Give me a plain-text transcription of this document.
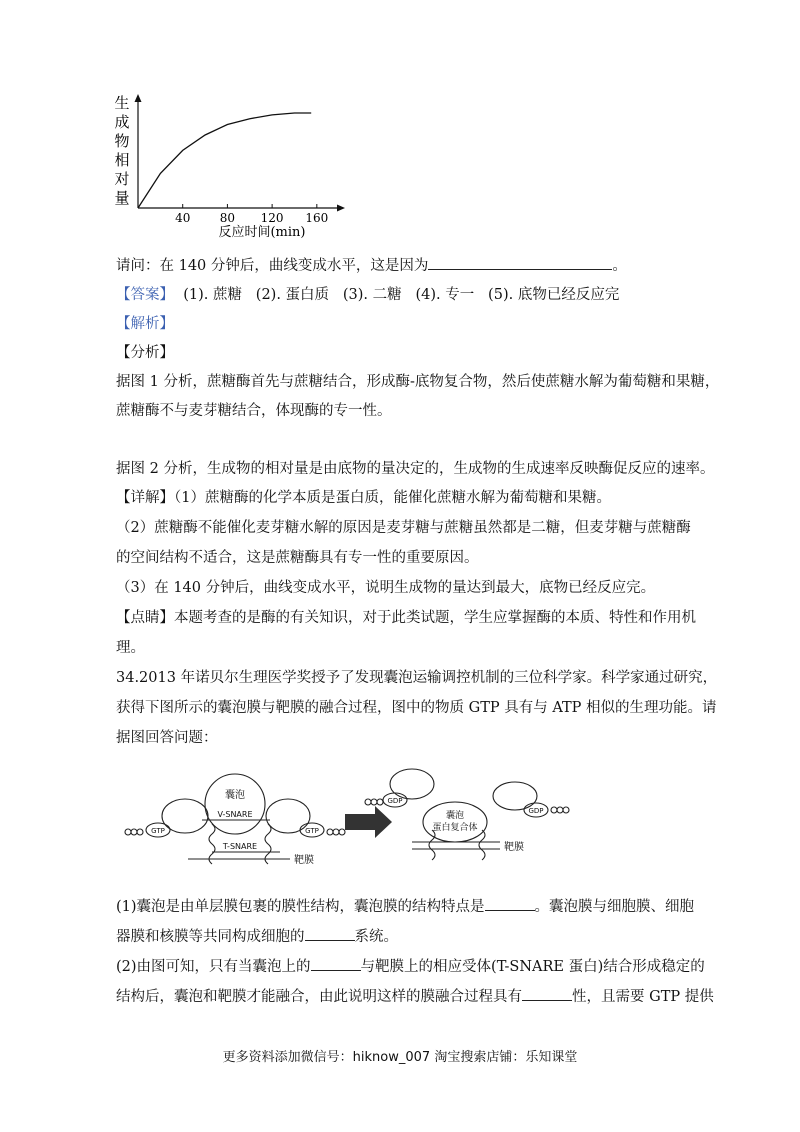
生
成
物
相
对
量
40 80 120 160
反应时间(min)
请问：在 140 分钟后，曲线变成水平，这是因为	。
【答案】  (1). 蔗糖   (2). 蛋白质   (3). 二糖   (4). 专一   (5). 底物已经反应完
【解析】
【分析】
据图 1 分析，蔗糖酶首先与蔗糖结合，形成酶-底物复合物，然后使蔗糖水解为葡萄糖和果糖，
蔗糖酶不与麦芽糖结合，体现酶的专一性。
据图 2 分析，生成物的相对量是由底物的量决定的，生成物的生成速率反映酶促反应的速率。
【详解】（1）蔗糖酶的化学本质是蛋白质，能催化蔗糖水解为葡萄糖和果糖。
（2）蔗糖酶不能催化麦芽糖水解的原因是麦芽糖与蔗糖虽然都是二糖，但麦芽糖与蔗糖酶
的空间结构不适合，这是蔗糖酶具有专一性的重要原因。
（3）在 140 分钟后，曲线变成水平，说明生成物的量达到最大，底物已经反应完。
【点睛】本题考查的是酶的有关知识，对于此类试题，学生应掌握酶的本质、特性和作用机
理。
34.2013 年诺贝尔生理医学奖授予了发现囊泡运输调控机制的三位科学家。科学家通过研究，
获得下图所示的囊泡膜与靶膜的融合过程，图中的物质 GTP 具有与 ATP 相似的生理功能。请
据图回答问题：
囊泡
V-SNARE
T-SNARE
靶膜
GTP	GTP
GDP
GDP
囊泡
蛋白复合体
靶膜
(1)囊泡是由单层膜包裹的膜性结构，囊泡膜的结构特点是	。囊泡膜与细胞膜、细胞
器膜和核膜等共同构成细胞的	系统。
(2)由图可知，只有当囊泡上的	与靶膜上的相应受体(T-SNARE 蛋白)结合形成稳定的
结构后，囊泡和靶膜才能融合，由此说明这样的膜融合过程具有	性，且需要 GTP 提供
更多资料添加微信号：hiknow_007 淘宝搜索店铺：乐知课堂
